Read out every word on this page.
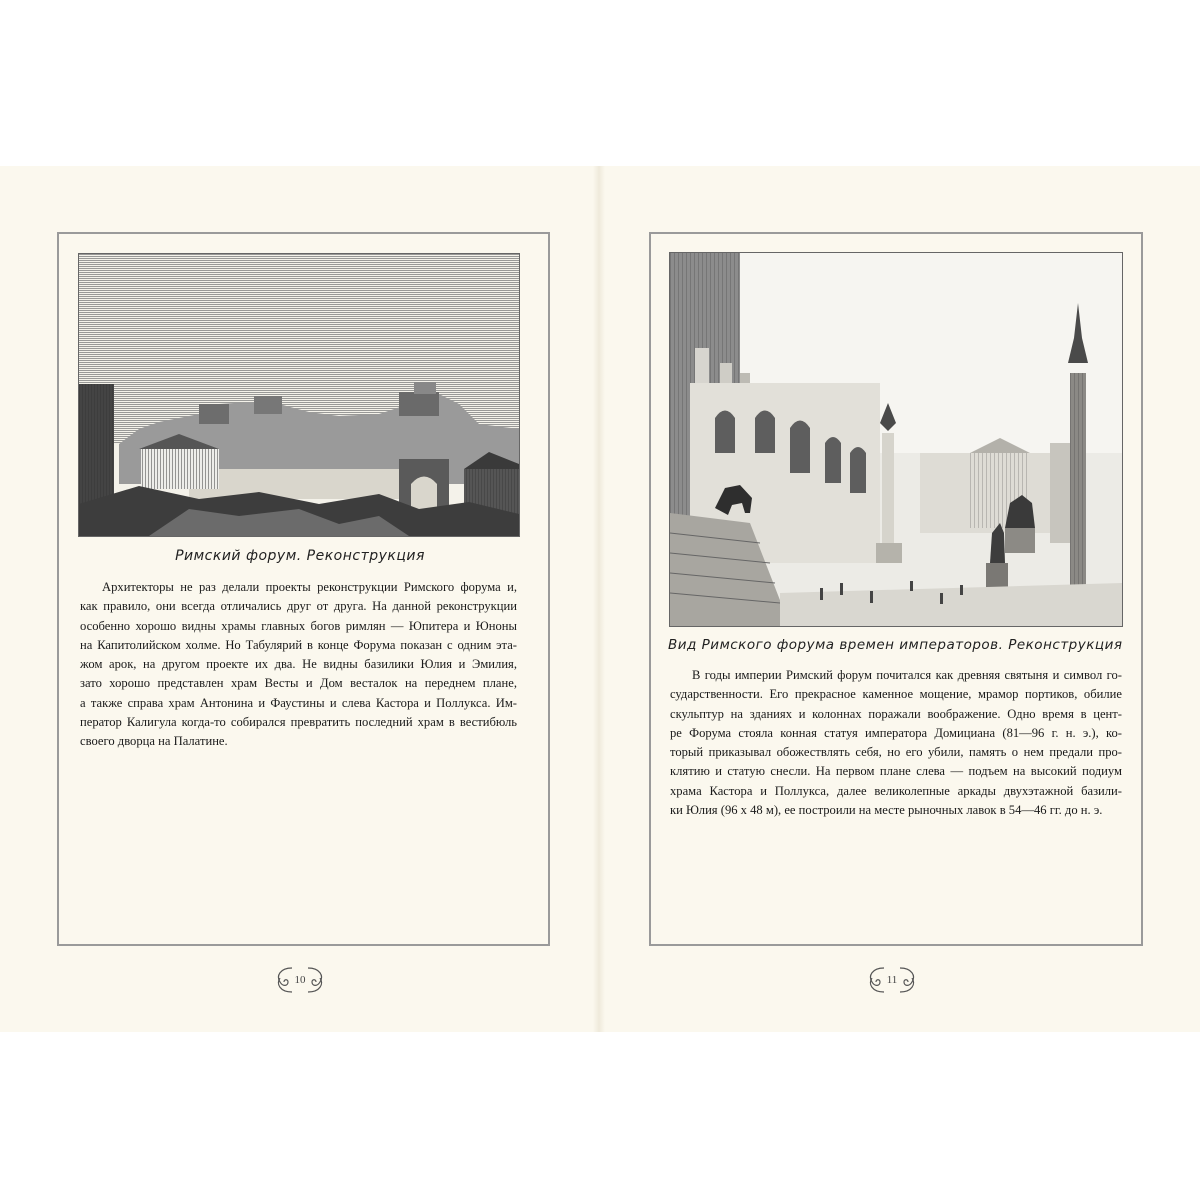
Римский форум. Реконструкция
Архитекторы не раз делали проекты реконструкции Римского форума и,
как правило, они всегда отличались друг от друга. На данной реконструкции
особенно хорошо видны храмы главных богов римлян — Юпитера и Юноны
на Капитолийском холме. Но Табулярий в конце Форума показан с одним эта-
жом арок, на другом проекте их два. Не видны базилики Юлия и Эмилия,
зато хорошо представлен храм Весты и Дом весталок на переднем плане,
а также справа храм Антонина и Фаустины и слева Кастора и Поллукса. Им-
ператор Калигула когда-то собирался превратить последний храм в вестибюль
своего дворца на Палатине.
10
Вид Римского форума времен императоров. Реконструкция
В годы империи Римский форум почитался как древняя святыня и символ го-
сударственности. Его прекрасное каменное мощение, мрамор портиков, обилие
скульптур на зданиях и колоннах поражали воображение. Одно время в цент-
ре Форума стояла конная статуя императора Домициана (81—96 г. н. э.), ко-
торый приказывал обожествлять себя, но его убили, память о нем предали про-
клятию и статую снесли. На первом плане слева — подъем на высокий подиум
храма Кастора и Поллукса, далее великолепные аркады двухэтажной базили-
ки Юлия (96 x 48 м), ее построили на месте рыночных лавок в 54—46 гг. до н. э.
11
